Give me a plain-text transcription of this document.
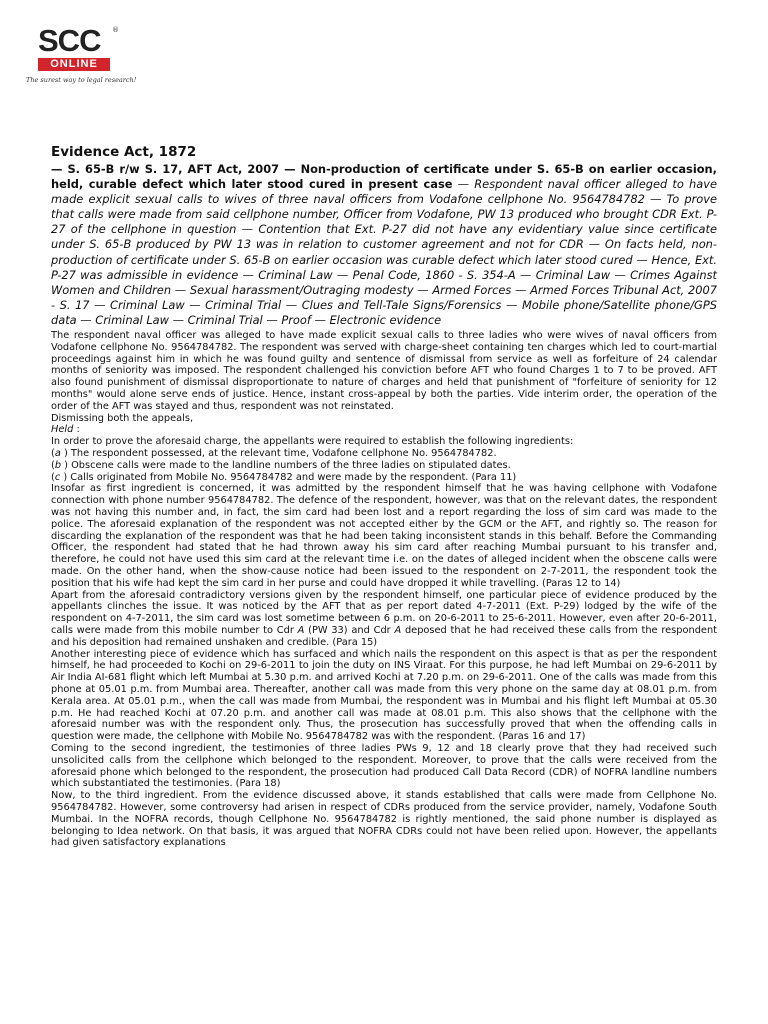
SCC ®
ONLINE
The surest way to legal research!
Evidence Act, 1872

— S. 65-B r/w S. 17, AFT Act, 2007 — Non-production of certificate under S. 65-B on earlier occasion, held, curable defect which later stood cured in present case — Respondent naval officer alleged to have made explicit sexual calls to wives of three naval officers from Vodafone cellphone No. 9564784782 — To prove that calls were made from said cellphone number, Officer from Vodafone, PW 13 produced who brought CDR Ext. P-27 of the cellphone in question — Contention that Ext. P-27 did not have any evidentiary value since certificate under S. 65-B produced by PW 13 was in relation to customer agreement and not for CDR — On facts held, non-production of certificate under S. 65-B on earlier occasion was curable defect which later stood cured — Hence, Ext. P-27 was admissible in evidence — Criminal Law — Penal Code, 1860 - S. 354-A — Criminal Law — Crimes Against Women and Children — Sexual harassment/Outraging modesty — Armed Forces — Armed Forces Tribunal Act, 2007 - S. 17 — Criminal Law — Criminal Trial — Clues and Tell-Tale Signs/Forensics — Mobile phone/Satellite phone/GPS data — Criminal Law — Criminal Trial — Proof — Electronic evidence

The respondent naval officer was alleged to have made explicit sexual calls to three ladies who were wives of naval officers from Vodafone cellphone No. 9564784782. The respondent was served with charge-sheet containing ten charges which led to court-martial proceedings against him in which he was found guilty and sentence of dismissal from service as well as forfeiture of 24 calendar months of seniority was imposed. The respondent challenged his conviction before AFT who found Charges 1 to 7 to be proved. AFT also found punishment of dismissal disproportionate to nature of charges and held that punishment of "forfeiture of seniority for 12 months" would alone serve ends of justice. Hence, instant cross-appeal by both the parties. Vide interim order, the operation of the order of the AFT was stayed and thus, respondent was not reinstated.

Dismissing both the appeals,

Held :

In order to prove the aforesaid charge, the appellants were required to establish the following ingredients:

(a ) The respondent possessed, at the relevant time, Vodafone cellphone No. 9564784782.

(b ) Obscene calls were made to the landline numbers of the three ladies on stipulated dates.

(c ) Calls originated from Mobile No. 9564784782 and were made by the respondent. (Para 11)

Insofar as first ingredient is concerned, it was admitted by the respondent himself that he was having cellphone with Vodafone connection with phone number 9564784782. The defence of the respondent, however, was that on the relevant dates, the respondent was not having this number and, in fact, the sim card had been lost and a report regarding the loss of sim card was made to the police. The aforesaid explanation of the respondent was not accepted either by the GCM or the AFT, and rightly so. The reason for discarding the explanation of the respondent was that he had been taking inconsistent stands in this behalf. Before the Commanding Officer, the respondent had stated that he had thrown away his sim card after reaching Mumbai pursuant to his transfer and, therefore, he could not have used this sim card at the relevant time i.e. on the dates of alleged incident when the obscene calls were made. On the other hand, when the show-cause notice had been issued to the respondent on 2-7-2011, the respondent took the position that his wife had kept the sim card in her purse and could have dropped it while travelling. (Paras 12 to 14)

Apart from the aforesaid contradictory versions given by the respondent himself, one particular piece of evidence produced by the appellants clinches the issue. It was noticed by the AFT that as per report dated 4-7-2011 (Ext. P-29) lodged by the wife of the respondent on 4-7-2011, the sim card was lost sometime between 6 p.m. on 20-6-2011 to 25-6-2011. However, even after 20-6-2011, calls were made from this mobile number to Cdr A (PW 33) and Cdr A deposed that he had received these calls from the respondent and his deposition had remained unshaken and credible. (Para 15)

Another interesting piece of evidence which has surfaced and which nails the respondent on this aspect is that as per the respondent himself, he had proceeded to Kochi on 29-6-2011 to join the duty on INS Viraat. For this purpose, he had left Mumbai on 29-6-2011 by Air India AI-681 flight which left Mumbai at 5.30 p.m. and arrived Kochi at 7.20 p.m. on 29-6-2011. One of the calls was made from this phone at 05.01 p.m. from Mumbai area. Thereafter, another call was made from this very phone on the same day at 08.01 p.m. from Kerala area. At 05.01 p.m., when the call was made from Mumbai, the respondent was in Mumbai and his flight left Mumbai at 05.30 p.m. He had reached Kochi at 07.20 p.m. and another call was made at 08.01 p.m. This also shows that the cellphone with the aforesaid number was with the respondent only. Thus, the prosecution has successfully proved that when the offending calls in question were made, the cellphone with Mobile No. 9564784782 was with the respondent. (Paras 16 and 17)

Coming to the second ingredient, the testimonies of three ladies PWs 9, 12 and 18 clearly prove that they had received such unsolicited calls from the cellphone which belonged to the respondent. Moreover, to prove that the calls were received from the aforesaid phone which belonged to the respondent, the prosecution had produced Call Data Record (CDR) of NOFRA landline numbers which substantiated the testimonies. (Para 18)

Now, to the third ingredient. From the evidence discussed above, it stands established that calls were made from Cellphone No. 9564784782. However, some controversy had arisen in respect of CDRs produced from the service provider, namely, Vodafone South Mumbai. In the NOFRA records, though Cellphone No. 9564784782 is rightly mentioned, the said phone number is displayed as belonging to Idea network. On that basis, it was argued that NOFRA CDRs could not have been relied upon. However, the appellants had given satisfactory explanations
